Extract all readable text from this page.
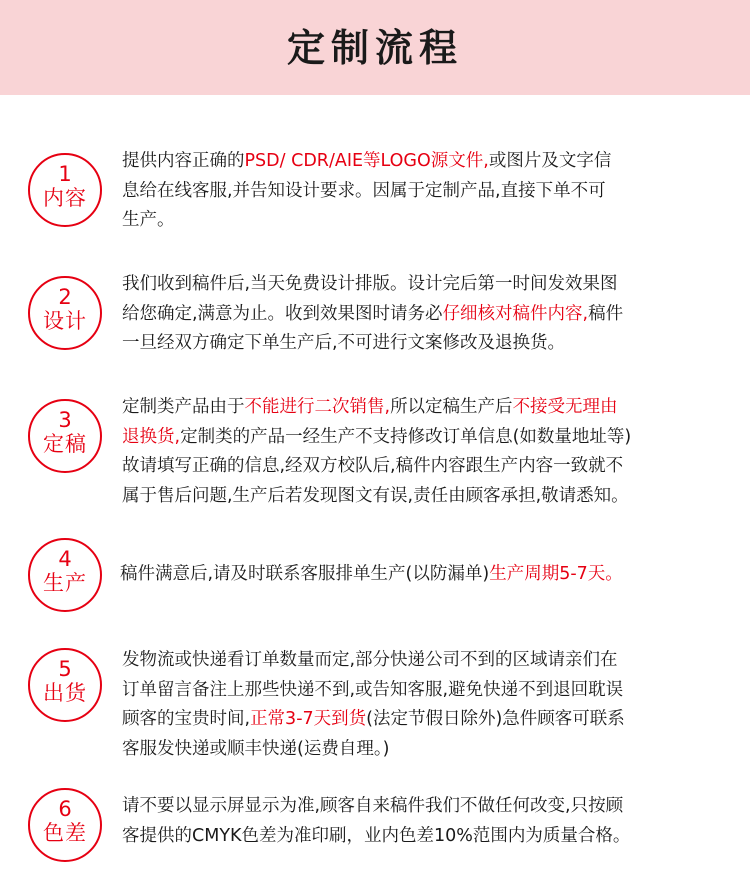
定制流程
1
内容
提供内容正确的PSD/ CDR/AIE等LOGO源文件,或图片及文字信
息给在线客服,并告知设计要求。因属于定制产品,直接下单不可
生产。
2
设计
我们收到稿件后,当天免费设计排版。设计完后第一时间发效果图
给您确定,满意为止。收到效果图时请务必仔细核对稿件内容,稿件
一旦经双方确定下单生产后,不可进行文案修改及退换货。
3
定稿
定制类产品由于不能进行二次销售,所以定稿生产后不接受无理由
退换货,定制类的产品一经生产不支持修改订单信息(如数量地址等)
故请填写正确的信息,经双方校队后,稿件内容跟生产内容一致就不
属于售后问题,生产后若发现图文有误,责任由顾客承担,敬请悉知。
4
生产	稿件满意后,请及时联系客服排单生产(以防漏单)生产周期5-7天。
5
出货
发物流或快递看订单数量而定,部分快递公司不到的区域请亲们在
订单留言备注上那些快递不到,或告知客服,避免快递不到退回耽误
顾客的宝贵时间,正常3-7天到货(法定节假日除外)急件顾客可联系
客服发快递或顺丰快递(运费自理。)
6
色差
请不要以显示屏显示为准,顾客自来稿件我们不做任何改变,只按顾
客提供的CMYK色差为准印刷，业内色差10%范围内为质量合格。
